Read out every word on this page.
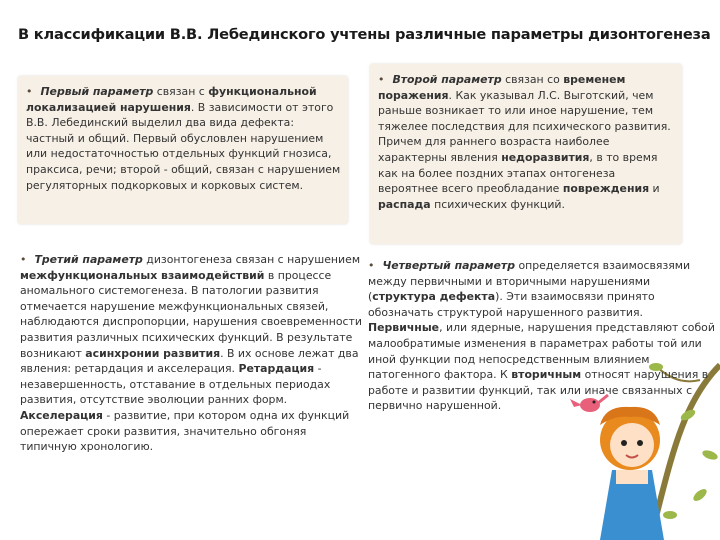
В классификации В.В. Лебединского учтены различные параметры дизонтогенеза
• Первый параметр связан с функциональной локализацией нарушения. В зависимости от этого В.В. Лебединский выделил два вида дефекта: частный и общий. Первый обусловлен нарушением или недостаточностью отдельных функций гнозиса, праксиса, речи; второй - общий, связан с нарушением регуляторных подкорковых и корковых систем.
• Второй параметр связан со временем поражения. Как указывал Л.С. Выготский, чем раньше возникает то или иное нарушение, тем тяжелее последствия для психического развития. Причем для раннего возраста наиболее характерны явления недоразвития, в то время как на более поздних этапах онтогенеза вероятнее всего преобладание повреждения и распада психических функций.
• Третий параметр дизонтогенеза связан с нарушением межфункциональных взаимодействий в процессе аномального системогенеза. В патологии развития отмечается нарушение межфункциональных связей, наблюдаются диспропорции, нарушения своевременности развития различных психических функций. В результате возникают асинхронии развития. В их основе лежат два явления: ретардация и акселерация. Ретардация - незавершенность, отставание в отдельных периодах развития, отсутствие эволюции ранних форм. Акселерация - развитие, при котором одна их функций опережает сроки развития, значительно обгоняя типичную хронологию.
• Четвертый параметр определяется взаимосвязями между первичными и вторичными нарушениями (структура дефекта). Эти взаимосвязи принято обозначать структурой нарушенного развития. Первичные, или ядерные, нарушения представляют собой малообратимые изменения в параметрах работы той или иной функции под непосредственным влиянием патогенного фактора. К вторичным относят нарушения в работе и развитии функций, так или иначе связанных с первично нарушенной.
